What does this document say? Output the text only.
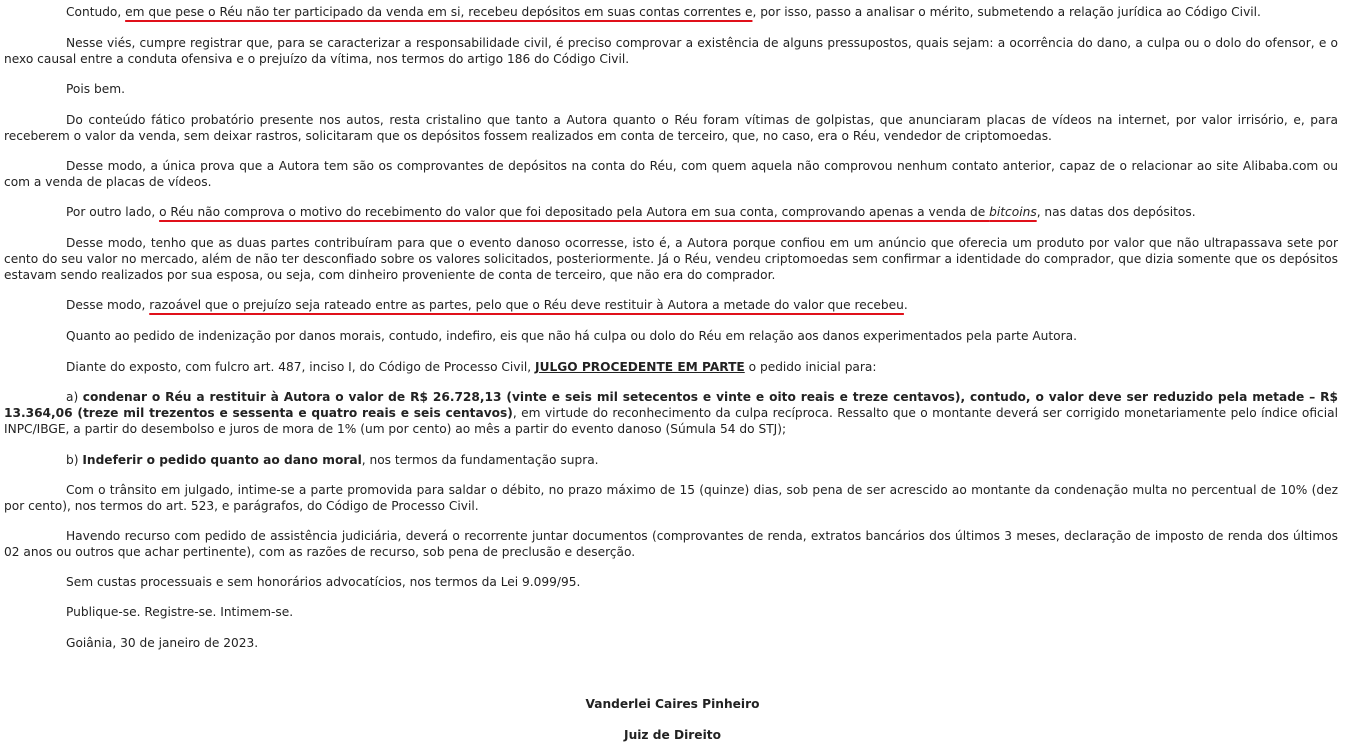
Contudo, em que pese o Réu não ter participado da venda em si, recebeu depósitos em suas contas correntes e, por isso, passo a analisar o mérito, submetendo a relação jurídica ao Código Civil.

Nesse viés, cumpre registrar que, para se caracterizar a responsabilidade civil, é preciso comprovar a existência de alguns pressupostos, quais sejam: a ocorrência do dano, a culpa ou o dolo do ofensor, e o nexo causal entre a conduta ofensiva e o prejuízo da vítima, nos termos do artigo 186 do Código Civil.

Pois bem.

Do conteúdo fático probatório presente nos autos, resta cristalino que tanto a Autora quanto o Réu foram vítimas de golpistas, que anunciaram placas de vídeos na internet, por valor irrisório, e, para receberem o valor da venda, sem deixar rastros, solicitaram que os depósitos fossem realizados em conta de terceiro, que, no caso, era o Réu, vendedor de criptomoedas.

Desse modo, a única prova que a Autora tem são os comprovantes de depósitos na conta do Réu, com quem aquela não comprovou nenhum contato anterior, capaz de o relacionar ao site Alibaba.com ou com a venda de placas de vídeos.

Por outro lado, o Réu não comprova o motivo do recebimento do valor que foi depositado pela Autora em sua conta, comprovando apenas a venda de bitcoins, nas datas dos depósitos.

Desse modo, tenho que as duas partes contribuíram para que o evento danoso ocorresse, isto é, a Autora porque confiou em um anúncio que oferecia um produto por valor que não ultrapassava sete por cento do seu valor no mercado, além de não ter desconfiado sobre os valores solicitados, posteriormente. Já o Réu, vendeu criptomoedas sem confirmar a identidade do comprador, que dizia somente que os depósitos estavam sendo realizados por sua esposa, ou seja, com dinheiro proveniente de conta de terceiro, que não era do comprador.

Desse modo, razoável que o prejuízo seja rateado entre as partes, pelo que o Réu deve restituir à Autora a metade do valor que recebeu.

Quanto ao pedido de indenização por danos morais, contudo, indefiro, eis que não há culpa ou dolo do Réu em relação aos danos experimentados pela parte Autora.

Diante do exposto, com fulcro art. 487, inciso I, do Código de Processo Civil, JULGO PROCEDENTE EM PARTE o pedido inicial para:

a) condenar o Réu a restituir à Autora o valor de R$ 26.728,13 (vinte e seis mil setecentos e vinte e oito reais e treze centavos), contudo, o valor deve ser reduzido pela metade – R$ 13.364,06 (treze mil trezentos e sessenta e quatro reais e seis centavos), em virtude do reconhecimento da culpa recíproca. Ressalto que o montante deverá ser corrigido monetariamente pelo índice oficial INPC/IBGE, a partir do desembolso e juros de mora de 1% (um por cento) ao mês a partir do evento danoso (Súmula 54 do STJ);

b) Indeferir o pedido quanto ao dano moral, nos termos da fundamentação supra.

Com o trânsito em julgado, intime-se a parte promovida para saldar o débito, no prazo máximo de 15 (quinze) dias, sob pena de ser acrescido ao montante da condenação multa no percentual de 10% (dez por cento), nos termos do art. 523, e parágrafos, do Código de Processo Civil.

Havendo recurso com pedido de assistência judiciária, deverá o recorrente juntar documentos (comprovantes de renda, extratos bancários dos últimos 3 meses, declaração de imposto de renda dos últimos 02 anos ou outros que achar pertinente), com as razões de recurso, sob pena de preclusão e deserção.

Sem custas processuais e sem honorários advocatícios, nos termos da Lei 9.099/95.

Publique-se. Registre-se. Intimem-se.

Goiânia, 30 de janeiro de 2023.

Vanderlei Caires Pinheiro
Juiz de Direito
